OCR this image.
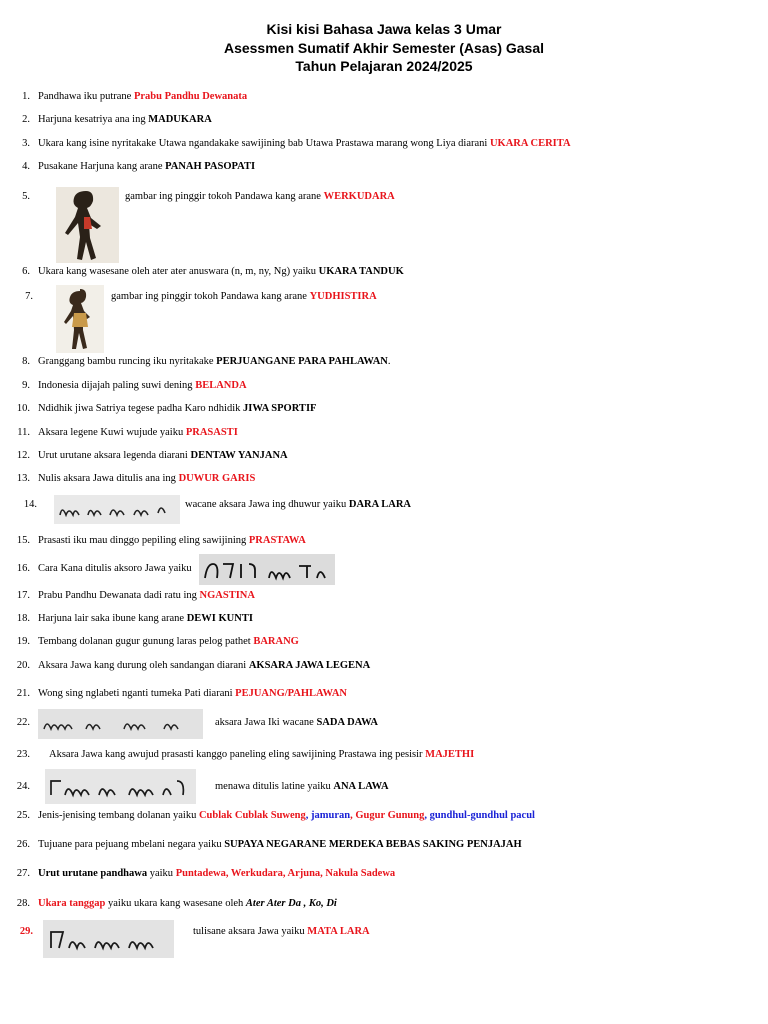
Kisi kisi Bahasa Jawa kelas 3 Umar
Asessmen Sumatif Akhir Semester (Asas) Gasal
Tahun Pelajaran 2024/2025
1. Pandhawa iku putrane Prabu Pandhu Dewanata
2. Harjuna kesatriya ana ing MADUKARA
3. Ukara kang isine nyritakake Utawa ngandakake sawijining bab Utawa Prastawa marang wong Liya diarani UKARA CERITA
4. Pusakane Harjuna kang arane PANAH PASOPATI
5.	gambar ing pinggir tokoh Pandawa kang arane WERKUDARA
6. Ukara kang wasesane oleh ater ater anuswara (n, m, ny, Ng) yaiku UKARA TANDUK
7.	gambar ing pinggir tokoh Pandawa kang arane YUDHISTIRA
8. Granggang bambu runcing iku nyritakake PERJUANGANE PARA PAHLAWAN.
9. Indonesia dijajah paling suwi dening BELANDA
10. Ndidhik jiwa Satriya tegese padha Karo ndhidik JIWA SPORTIF
11. Aksara legene Kuwi wujude yaiku PRASASTI
12. Urut urutane aksara legenda diarani DENTAW YANJANA
13. Nulis aksara Jawa ditulis ana ing DUWUR GARIS
14.	wacane aksara Jawa ing dhuwur yaiku DARA LARA
15. Prasasti iku mau dinggo pepiling eling sawijining PRASTAWA
16. Cara Kana ditulis aksoro Jawa yaiku
17. Prabu Pandhu Dewanata dadi ratu ing NGASTINA
18. Harjuna lair saka ibune kang arane DEWI KUNTI
19. Tembang dolanan gugur gunung laras pelog pathet BARANG
20. Aksara Jawa kang durung oleh sandangan diarani AKSARA JAWA LEGENA
21. Wong sing nglabeti nganti tumeka Pati diarani PEJUANG/PAHLAWAN
22.	aksara Jawa Iki wacane SADA DAWA
23. Aksara Jawa kang awujud prasasti kanggo paneling eling sawijining Prastawa ing pesisir MAJETHI
24.	menawa ditulis latine yaiku ANA LAWA
25. Jenis-jenising tembang dolanan yaiku Cublak Cublak Suweng, jamuran, Gugur Gunung, gundhul-gundhul pacul
26. Tujuane para pejuang mbelani negara yaiku SUPAYA NEGARANE MERDEKA BEBAS SAKING PENJAJAH
27. Urut urutane pandhawa yaiku Puntadewa, Werkudara, Arjuna, Nakula Sadewa
28. Ukara tanggap yaiku ukara kang wasesane oleh Ater Ater Da , Ko, Di
29.	tulisane aksara Jawa yaiku MATA LARA
